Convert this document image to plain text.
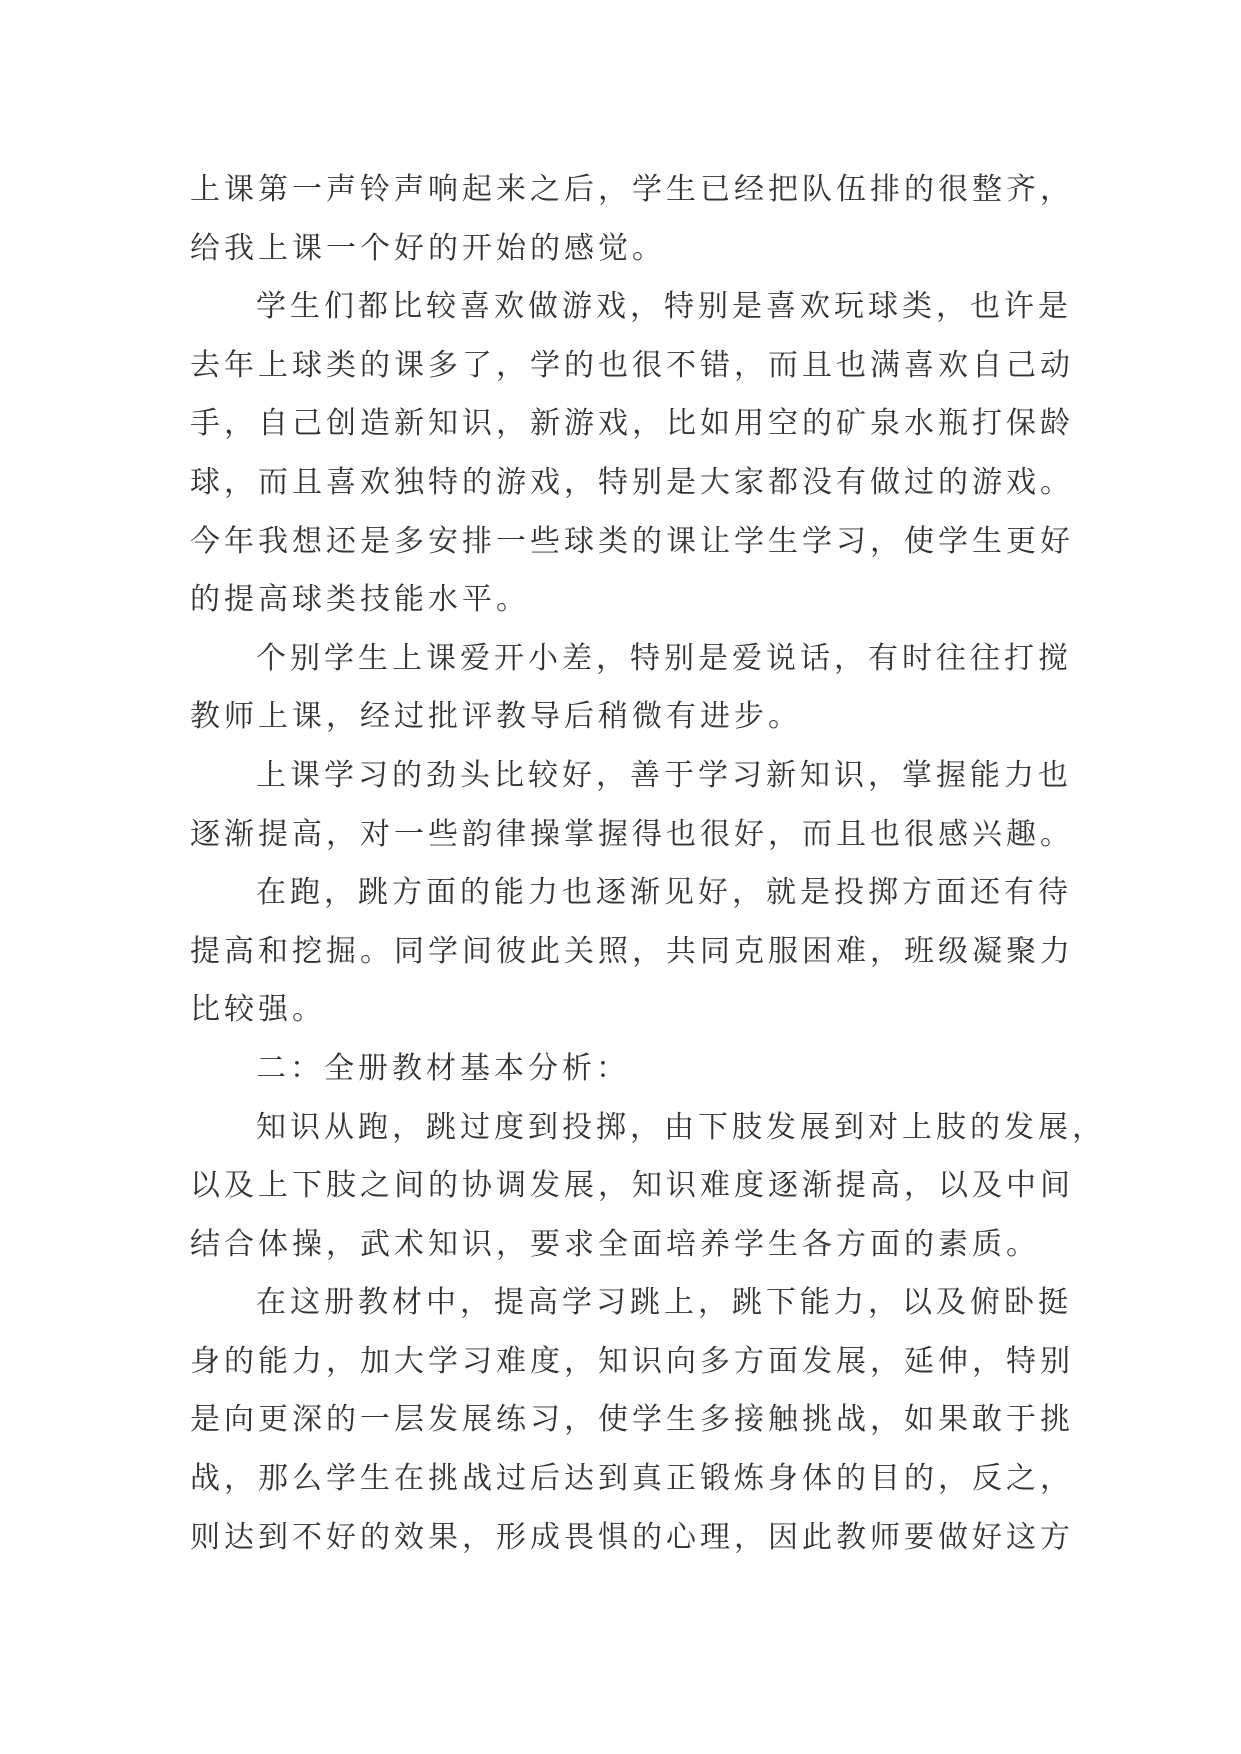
上课第一声铃声响起来之后，学生已经把队伍排的很整齐，
给我上课一个好的开始的感觉。
学生们都比较喜欢做游戏，特别是喜欢玩球类，也许是
去年上球类的课多了，学的也很不错，而且也满喜欢自己动
手，自己创造新知识，新游戏，比如用空的矿泉水瓶打保龄
球，而且喜欢独特的游戏，特别是大家都没有做过的游戏。
今年我想还是多安排一些球类的课让学生学习，使学生更好
的提高球类技能水平。
个别学生上课爱开小差，特别是爱说话，有时往往打搅
教师上课，经过批评教导后稍微有进步。
上课学习的劲头比较好，善于学习新知识，掌握能力也
逐渐提高，对一些韵律操掌握得也很好，而且也很感兴趣。
在跑，跳方面的能力也逐渐见好，就是投掷方面还有待
提高和挖掘。同学间彼此关照，共同克服困难，班级凝聚力
比较强。
二：全册教材基本分析：
知识从跑，跳过度到投掷，由下肢发展到对上肢的发展，
以及上下肢之间的协调发展，知识难度逐渐提高，以及中间
结合体操，武术知识，要求全面培养学生各方面的素质。
在这册教材中，提高学习跳上，跳下能力，以及俯卧挺
身的能力，加大学习难度，知识向多方面发展，延伸，特别
是向更深的一层发展练习，使学生多接触挑战，如果敢于挑
战，那么学生在挑战过后达到真正锻炼身体的目的，反之，
则达到不好的效果，形成畏惧的心理，因此教师要做好这方
